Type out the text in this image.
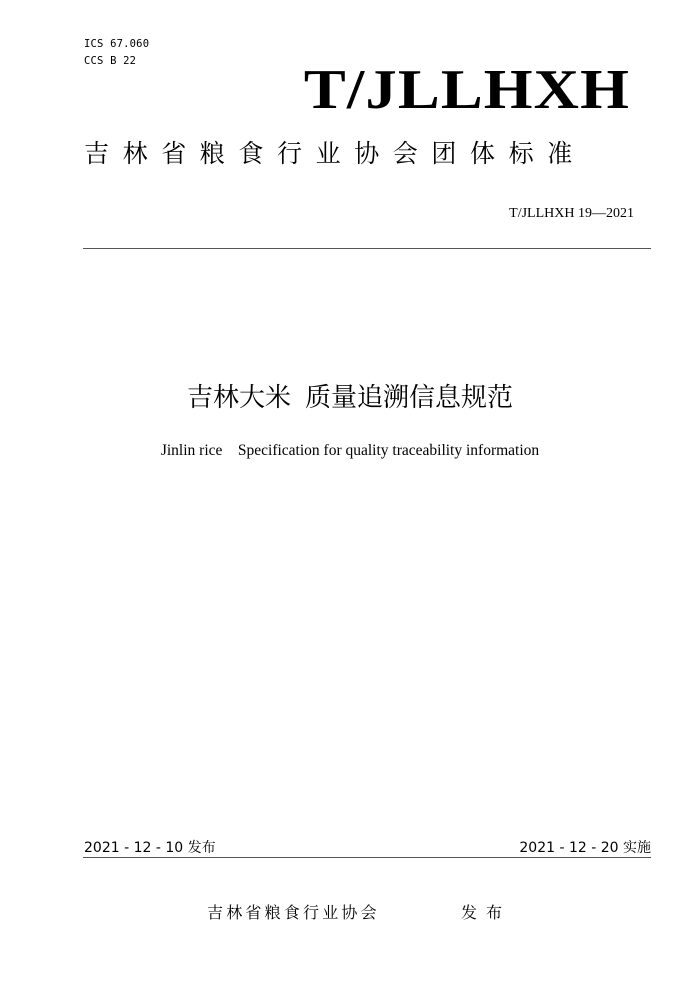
ICS 67.060
CCS B 22	T/JLLHXH
吉林省粮食行业协会团体标准
T/JLLHXH 19—2021
吉林大米 质量追溯信息规范
Jinlin rice    Specification for quality traceability information
2021 - 12 - 10 发布	2021 - 12 - 20 实施
吉林省粮食行业协会	发布
